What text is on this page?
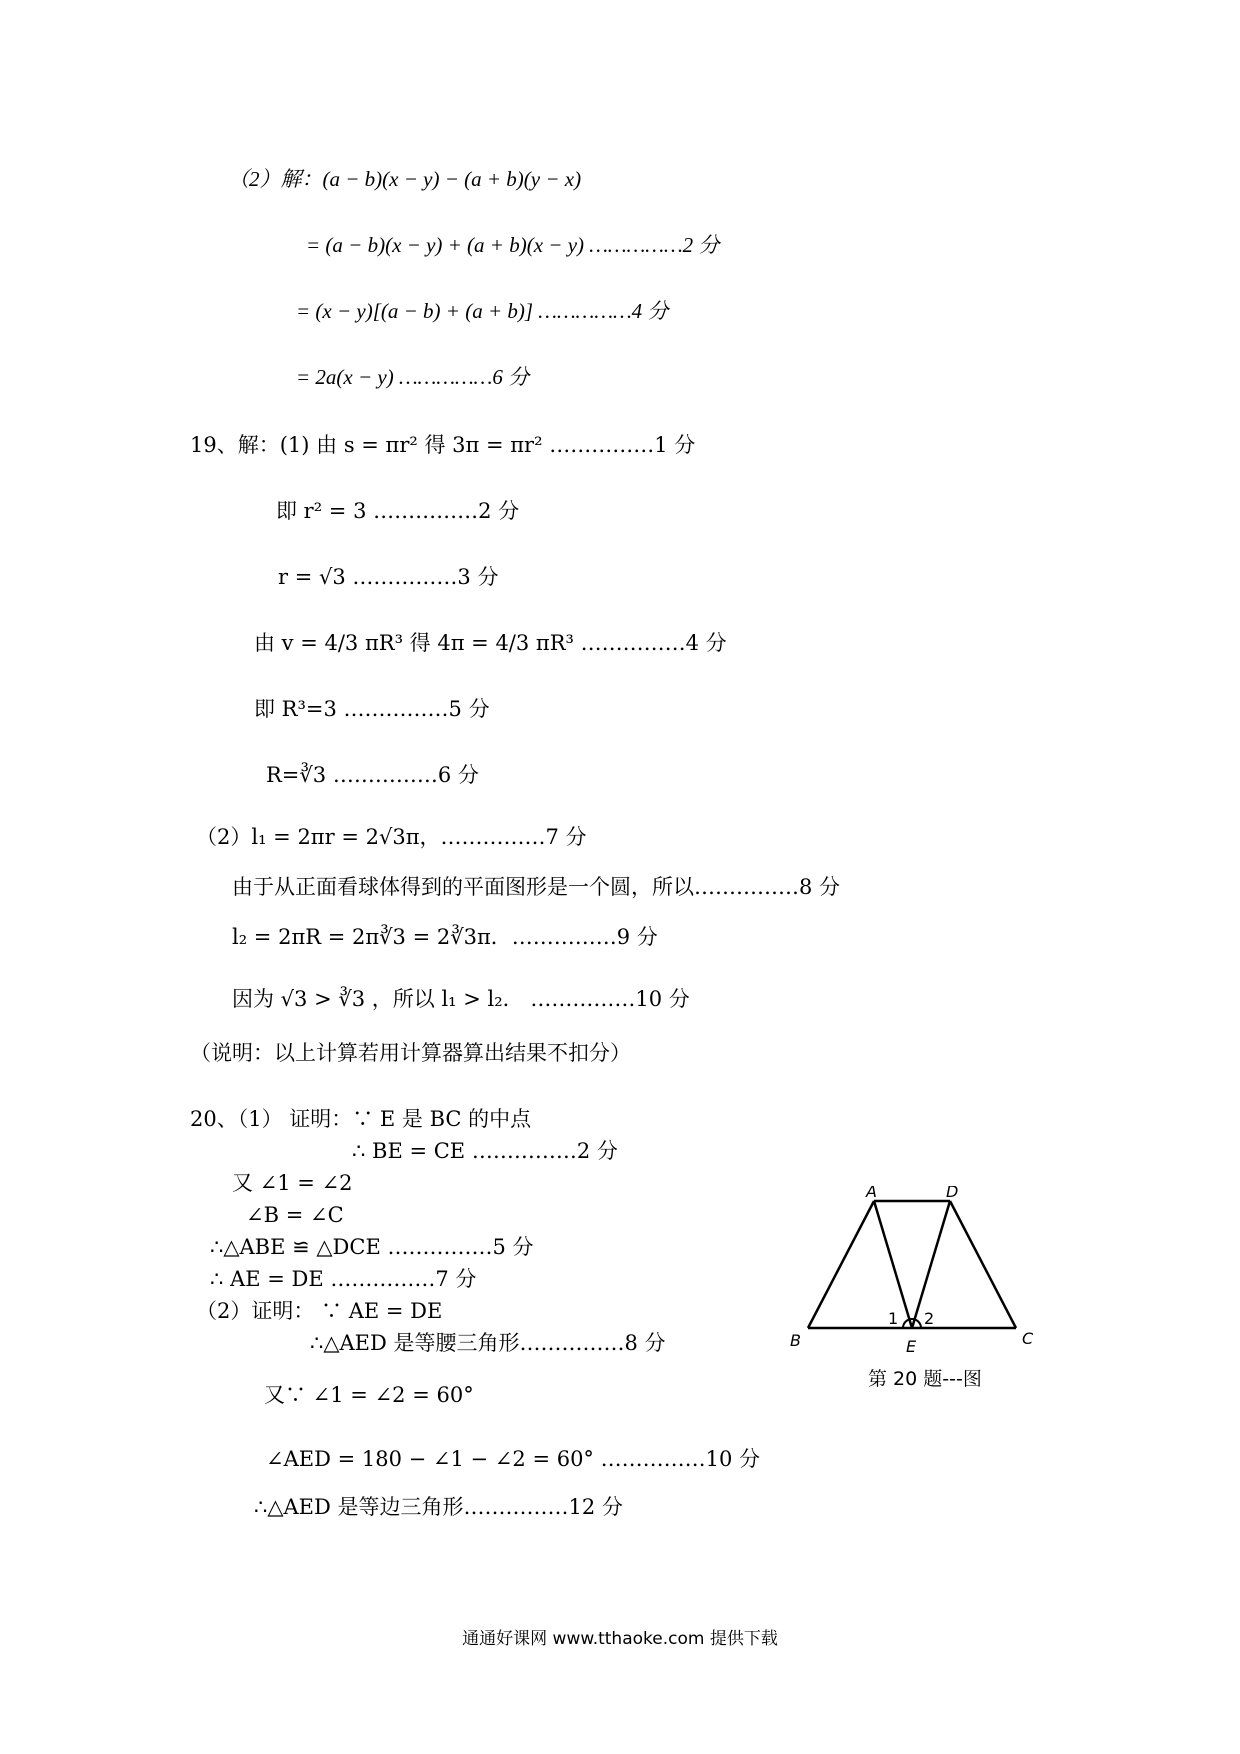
（2）解：(a − b)(x − y) − (a + b)(y − x)
= (a − b)(x − y) + (a + b)(x − y) ……………2 分
= (x − y)[(a − b) + (a + b)] ……………4 分
= 2a(x − y) ……………6 分
19、解：(1) 由 s = πr² 得 3π = πr² ……………1 分
即 r² = 3 ……………2 分
r = √3 ……………3 分
由 v = 4/3 πR³ 得 4π = 4/3 πR³ ……………4 分
即 R³=3 ……………5 分
R=∛3 ……………6 分
（2）l₁ = 2πr = 2√3π，……………7 分
由于从正面看球体得到的平面图形是一个圆，所以……………8 分
l₂ = 2πR = 2π∛3 = 2∛3π．……………9 分
因为 √3 > ∛3 ，所以 l₁ > l₂． ……………10 分
（说明：以上计算若用计算器算出结果不扣分）
20、（1） 证明：∵ E 是 BC 的中点
∴ BE = CE ……………2 分
又 ∠1 = ∠2
∠B = ∠C
∴△ABE ≌ △DCE ……………5 分
∴ AE = DE ……………7 分
（2）证明： ∵ AE = DE
∴△AED 是等腰三角形……………8 分
又∵ ∠1 = ∠2 = 60°
∠AED = 180 − ∠1 − ∠2 = 60° ……………10 分
∴△AED 是等边三角形……………12 分
A	D
B	C
E
1 2
第 20 题---图
通通好课网 www.tthaoke.com 提供下载
